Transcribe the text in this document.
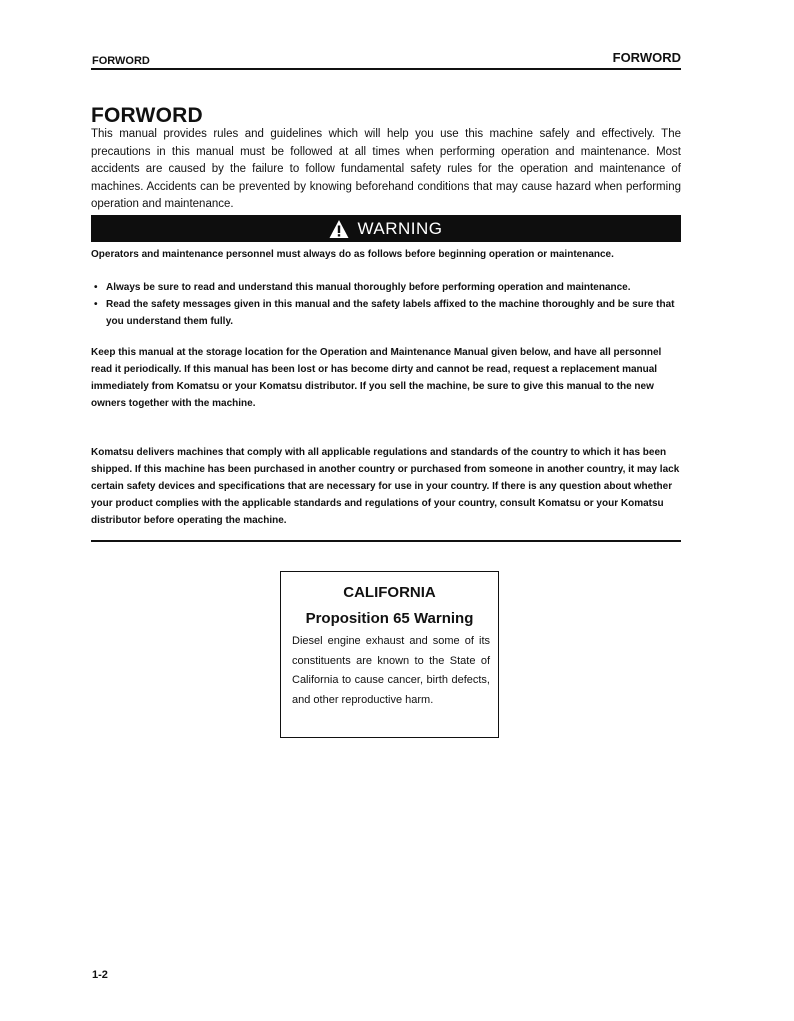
FORWORD	FORWORD
FORWORD
This manual provides rules and guidelines which will help you use this machine safely and effectively. The precautions in this manual must be followed at all times when performing operation and maintenance. Most accidents are caused by the failure to follow fundamental safety rules for the operation and maintenance of machines. Accidents can be prevented by knowing beforehand conditions that may cause hazard when performing operation and maintenance.
WARNING
Operators and maintenance personnel must always do as follows before beginning operation or maintenance.
• Always be sure to read and understand this manual thoroughly before performing operation and maintenance.
• Read the safety messages given in this manual and the safety labels affixed to the machine thoroughly and be sure that you understand them fully.
Keep this manual at the storage location for the Operation and Maintenance Manual given below, and have all personnel read it periodically. If this manual has been lost or has become dirty and cannot be read, request a replacement manual immediately from Komatsu or your Komatsu distributor. If you sell the machine, be sure to give this manual to the new owners together with the machine.
Komatsu delivers machines that comply with all applicable regulations and standards of the country to which it has been shipped. If this machine has been purchased in another country or purchased from someone in another country, it may lack certain safety devices and specifications that are necessary for use in your country. If there is any question about whether your product complies with the applicable standards and regulations of your country, consult Komatsu or your Komatsu distributor before operating the machine.
CALIFORNIA
Proposition 65 Warning
Diesel engine exhaust and some of its constituents are known to the State of California to cause cancer, birth defects, and other reproductive harm.
1-2
